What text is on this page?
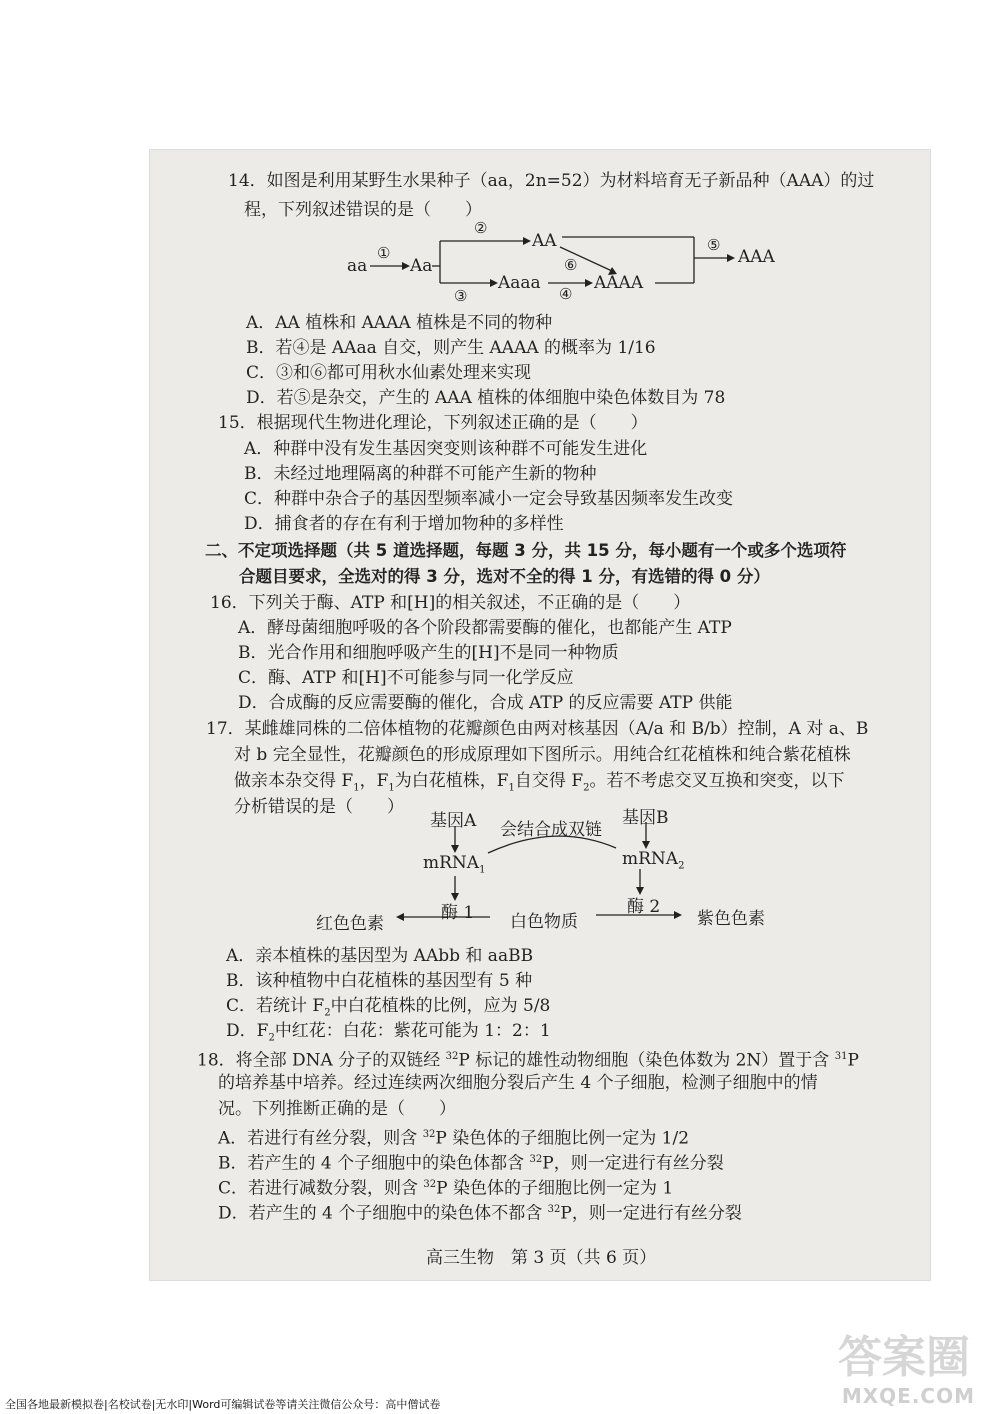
14．如图是利用某野生水果种子（aa，2n=52）为材料培育无子新品种（AAA）的过
程，下列叙述错误的是（　　）
aa	Aa
AA
Aaaa	AAAA
AAA
①
②
③	④
⑤
⑥
A．AA 植株和 AAAA 植株是不同的物种
B．若④是 AAaa 自交，则产生 AAAA 的概率为 1/16
C．③和⑥都可用秋水仙素处理来实现
D．若⑤是杂交，产生的 AAA 植株的体细胞中染色体数目为 78
15．根据现代生物进化理论，下列叙述正确的是（　　）
A．种群中没有发生基因突变则该种群不可能发生进化
B．未经过地理隔离的种群不可能产生新的物种
C．种群中杂合子的基因型频率减小一定会导致基因频率发生改变
D．捕食者的存在有利于增加物种的多样性
二、不定项选择题（共 5 道选择题，每题 3 分，共 15 分，每小题有一个或多个选项符
合题目要求，全选对的得 3 分，选对不全的得 1 分，有选错的得 0 分）
16．下列关于酶、ATP 和[H]的相关叙述，不正确的是（　　）
A．酵母菌细胞呼吸的各个阶段都需要酶的催化，也都能产生 ATP
B．光合作用和细胞呼吸产生的[H]不是同一种物质
C．酶、ATP 和[H]不可能参与同一化学反应
D．合成酶的反应需要酶的催化，合成 ATP 的反应需要 ATP 供能
17．某雌雄同株的二倍体植物的花瓣颜色由两对核基因（A/a 和 B/b）控制，A 对 a、B
对 b 完全显性，花瓣颜色的形成原理如下图所示。用纯合红花植株和纯合紫花植株
做亲本杂交得 $F_1$，$F_1$为白花植株，$F_1$自交得 $F_2$。若不考虑交叉互换和突变，以下
分析错误的是（　　）
基因A	基因B
会结合成双链
mRNA$_1$
mRNA$_2$
酶 1	酶 2
红色色素	白色物质	紫色色素
A．亲本植株的基因型为 AAbb 和 aaBB
B．该种植物中白花植株的基因型有 5 种
C．若统计 $F_2$中白花植株的比例，应为 5/8
D．$F_2$中红花：白花：紫花可能为 1：2：1
18．将全部 DNA 分子的双链经 $^{32}$P 标记的雄性动物细胞（染色体数为 2N）置于含 $^{31}$P
的培养基中培养。经过连续两次细胞分裂后产生 4 个子细胞，检测子细胞中的情
况。下列推断正确的是（　　）
A．若进行有丝分裂，则含 $^{32}$P 染色体的子细胞比例一定为 1/2
B．若产生的 4 个子细胞中的染色体都含 $^{32}$P，则一定进行有丝分裂
C．若进行减数分裂，则含 $^{32}$P 染色体的子细胞比例一定为 1
D．若产生的 4 个子细胞中的染色体不都含 $^{32}$P，则一定进行有丝分裂
高三生物　第 3 页（共 6 页）
答案圈
MXQE.COM
全国各地最新模拟卷|名校试卷|无水印|Word可编辑试卷等请关注微信公众号：高中僧试卷
